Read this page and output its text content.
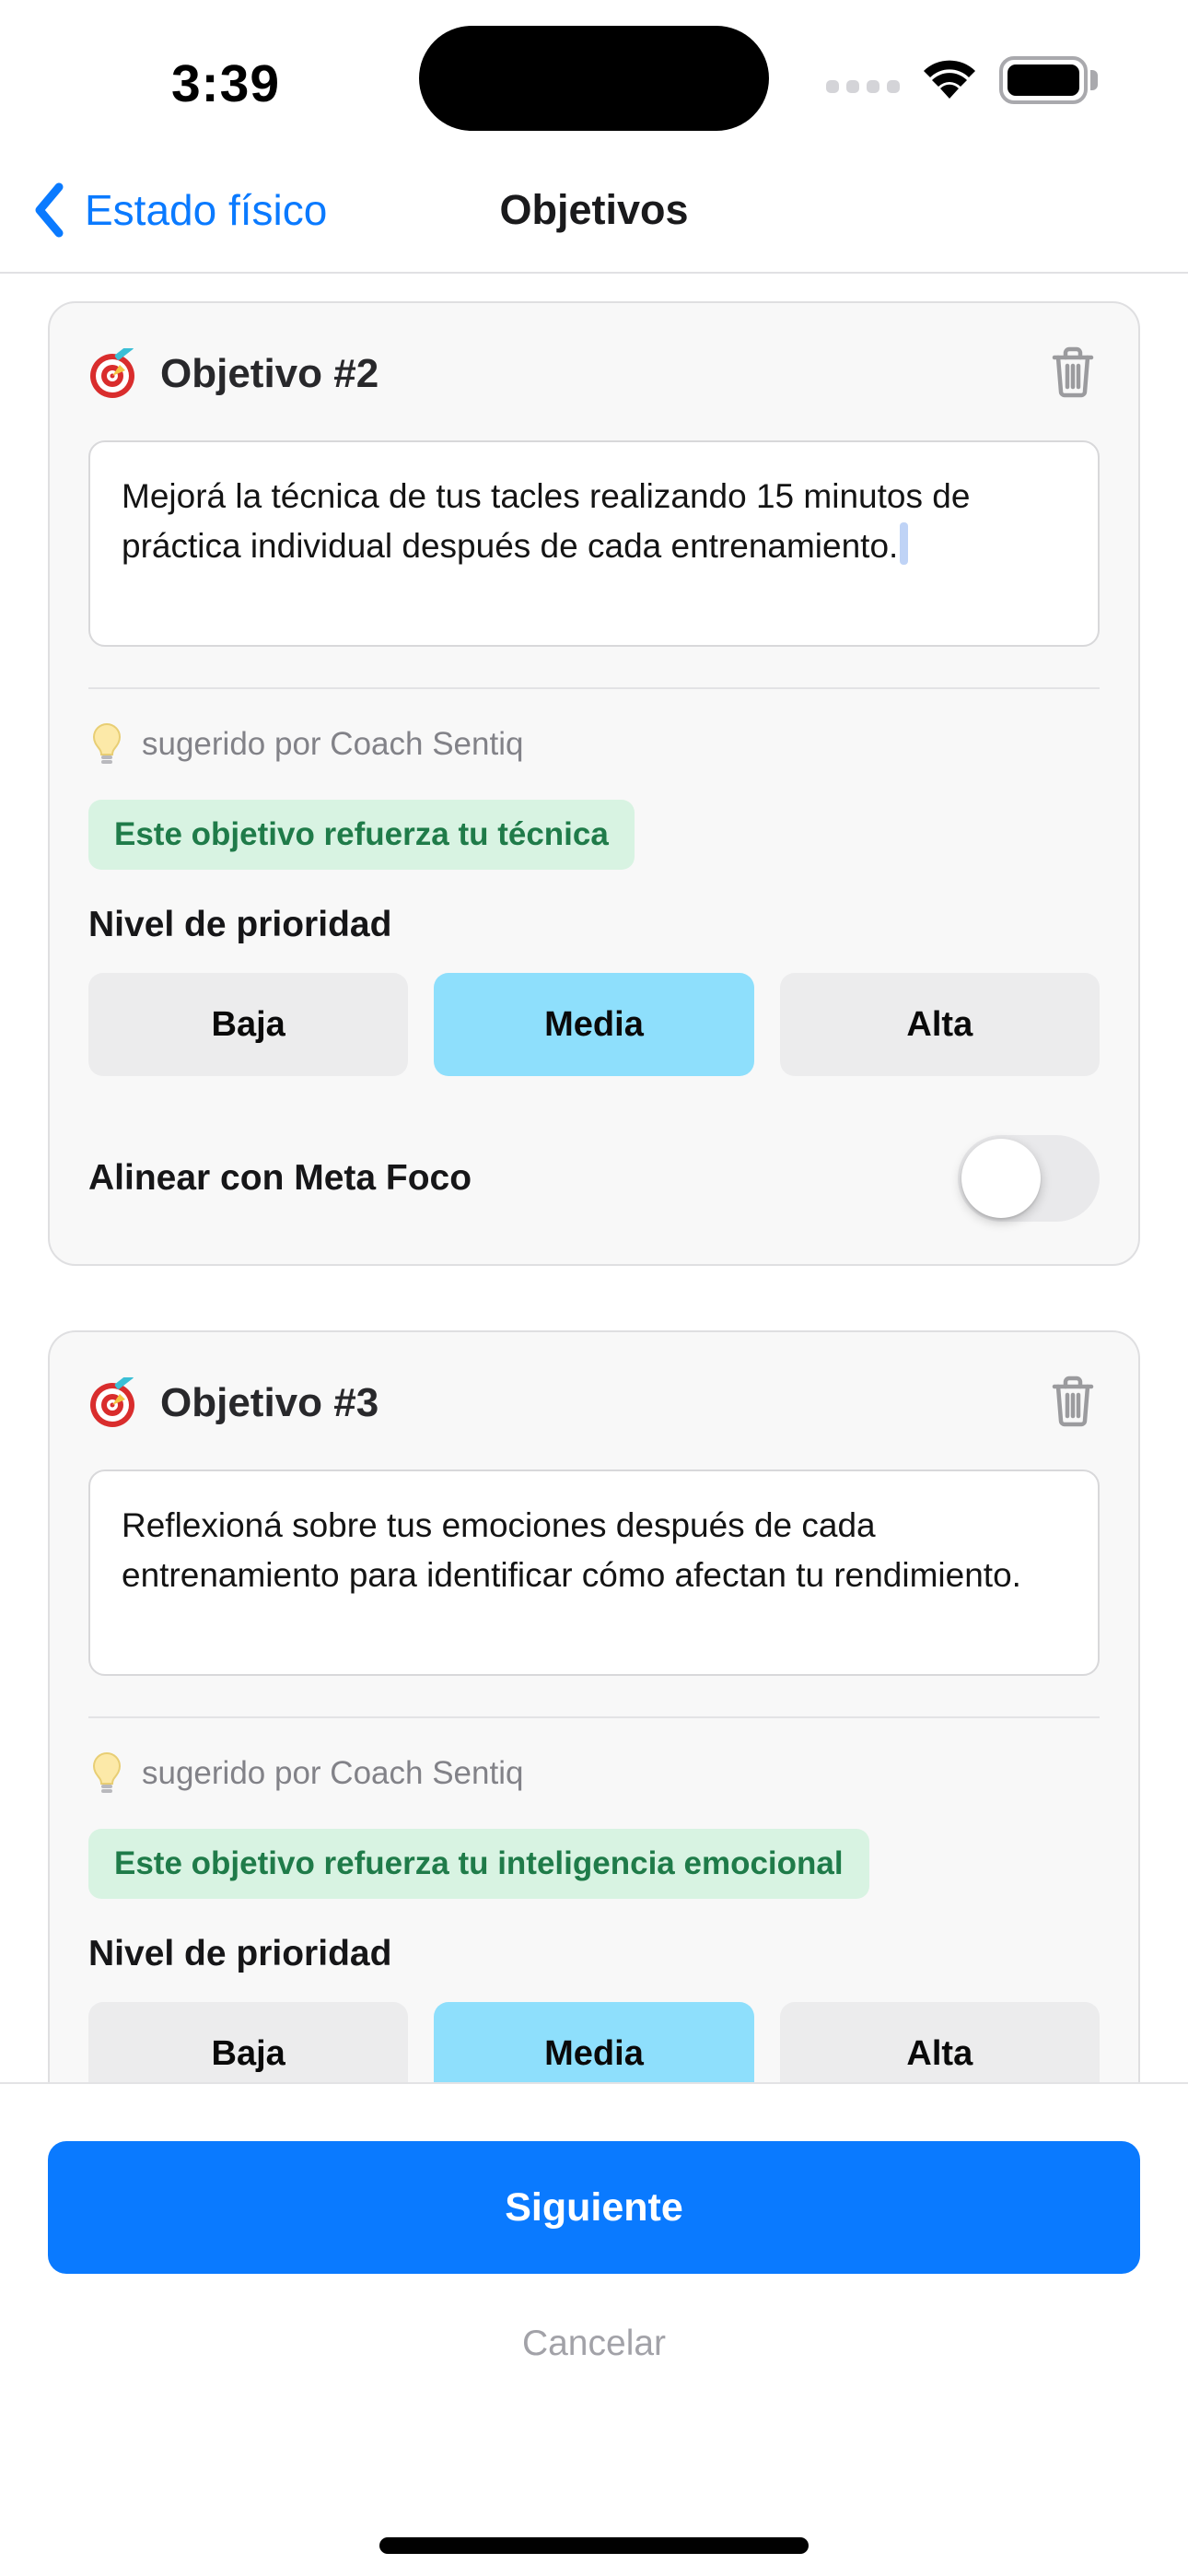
3:39
Estado físico	Objetivos
Objetivo #2
Mejorá la técnica de tus tacles realizando 15 minutos de práctica individual después de cada entrenamiento.
sugerido por Coach Sentiq
Este objetivo refuerza tu técnica
Nivel de prioridad
Baja	Media	Alta
Alinear con Meta Foco
Objetivo #3
Reflexioná sobre tus emociones después de cada entrenamiento para identificar cómo afectan tu rendimiento.
sugerido por Coach Sentiq
Este objetivo refuerza tu inteligencia emocional
Nivel de prioridad
Baja	Media	Alta
Siguiente
Cancelar
